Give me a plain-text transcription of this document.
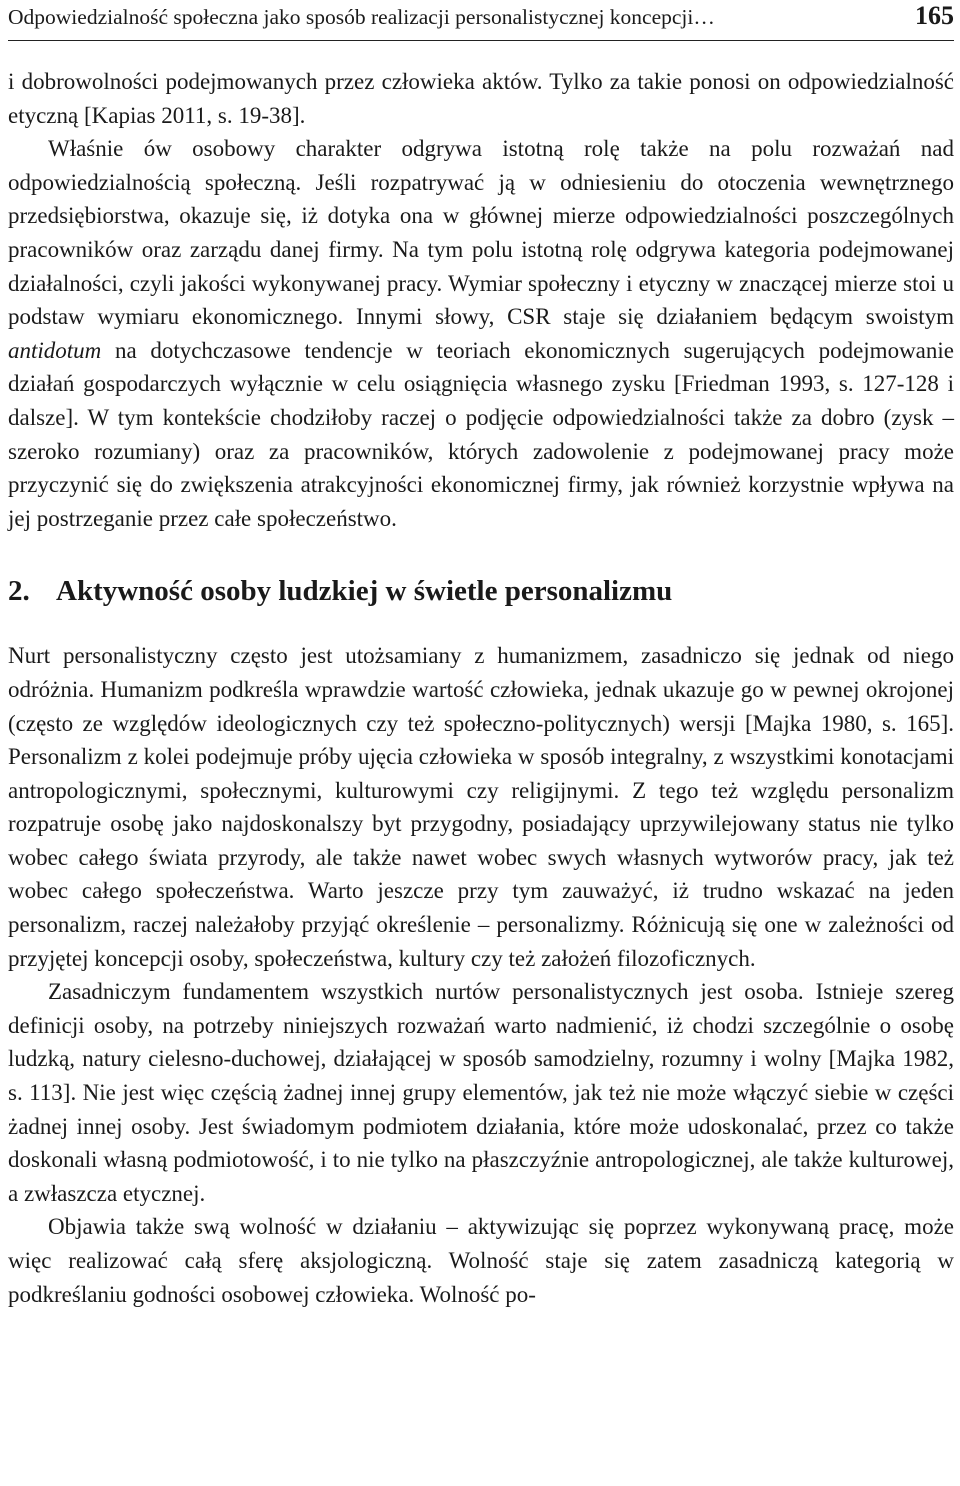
Odpowiedzialność społeczna jako sposób realizacji personalistycznej koncepcji…	165

i dobrowolności podejmowanych przez człowieka aktów. Tylko za takie ponosi on odpowiedzialność etyczną [Kapias 2011, s. 19-38].

Właśnie ów osobowy charakter odgrywa istotną rolę także na polu rozważań nad odpowiedzialnością społeczną. Jeśli rozpatrywać ją w odniesieniu do otoczenia wewnętrznego przedsiębiorstwa, okazuje się, iż dotyka ona w głównej mierze odpowiedzialności poszczególnych pracowników oraz zarządu danej firmy. Na tym polu istotną rolę odgrywa kategoria podejmowanej działalności, czyli jakości wykonywanej pracy. Wymiar społeczny i etyczny w znaczącej mierze stoi u podstaw wymiaru ekonomicznego. Innymi słowy, CSR staje się działaniem będącym swoistym antidotum na dotychczasowe tendencje w teoriach ekonomicznych sugerujących podejmowanie działań gospodarczych wyłącznie w celu osiągnięcia własnego zysku [Friedman 1993, s. 127-128 i dalsze]. W tym kontekście chodziłoby raczej o podjęcie odpowiedzialności także za dobro (zysk – szeroko rozumiany) oraz za pracowników, których zadowolenie z podejmowanej pracy może przyczynić się do zwiększenia atrakcyjności ekonomicznej firmy, jak również korzystnie wpływa na jej postrzeganie przez całe społeczeństwo.

2. Aktywność osoby ludzkiej w świetle personalizmu

Nurt personalistyczny często jest utożsamiany z humanizmem, zasadniczo się jednak od niego odróżnia. Humanizm podkreśla wprawdzie wartość człowieka, jednak ukazuje go w pewnej okrojonej (często ze względów ideologicznych czy też społeczno-politycznych) wersji [Majka 1980, s. 165]. Personalizm z kolei podejmuje próby ujęcia człowieka w sposób integralny, z wszystkimi konotacjami antropologicznymi, społecznymi, kulturowymi czy religijnymi. Z tego też względu personalizm rozpatruje osobę jako najdoskonalszy byt przygodny, posiadający uprzywilejowany status nie tylko wobec całego świata przyrody, ale także nawet wobec swych własnych wytworów pracy, jak też wobec całego społeczeństwa. Warto jeszcze przy tym zauważyć, iż trudno wskazać na jeden personalizm, raczej należałoby przyjąć określenie – personalizmy. Różnicują się one w zależności od przyjętej koncepcji osoby, społeczeństwa, kultury czy też założeń filozoficznych.

Zasadniczym fundamentem wszystkich nurtów personalistycznych jest osoba. Istnieje szereg definicji osoby, na potrzeby niniejszych rozważań warto nadmienić, iż chodzi szczególnie o osobę ludzką, natury cielesno-duchowej, działającej w sposób samodzielny, rozumny i wolny [Majka 1982, s. 113]. Nie jest więc częścią żadnej innej grupy elementów, jak też nie może włączyć siebie w części żadnej innej osoby. Jest świadomym podmiotem działania, które może udoskonalać, przez co także doskonali własną podmiotowość, i to nie tylko na płaszczyźnie antropologicznej, ale także kulturowej, a zwłaszcza etycznej.

Objawia także swą wolność w działaniu – aktywizując się poprzez wykonywaną pracę, może więc realizować całą sferę aksjologiczną. Wolność staje się zatem zasadniczą kategorią w podkreślaniu godności osobowej człowieka. Wolność po-
